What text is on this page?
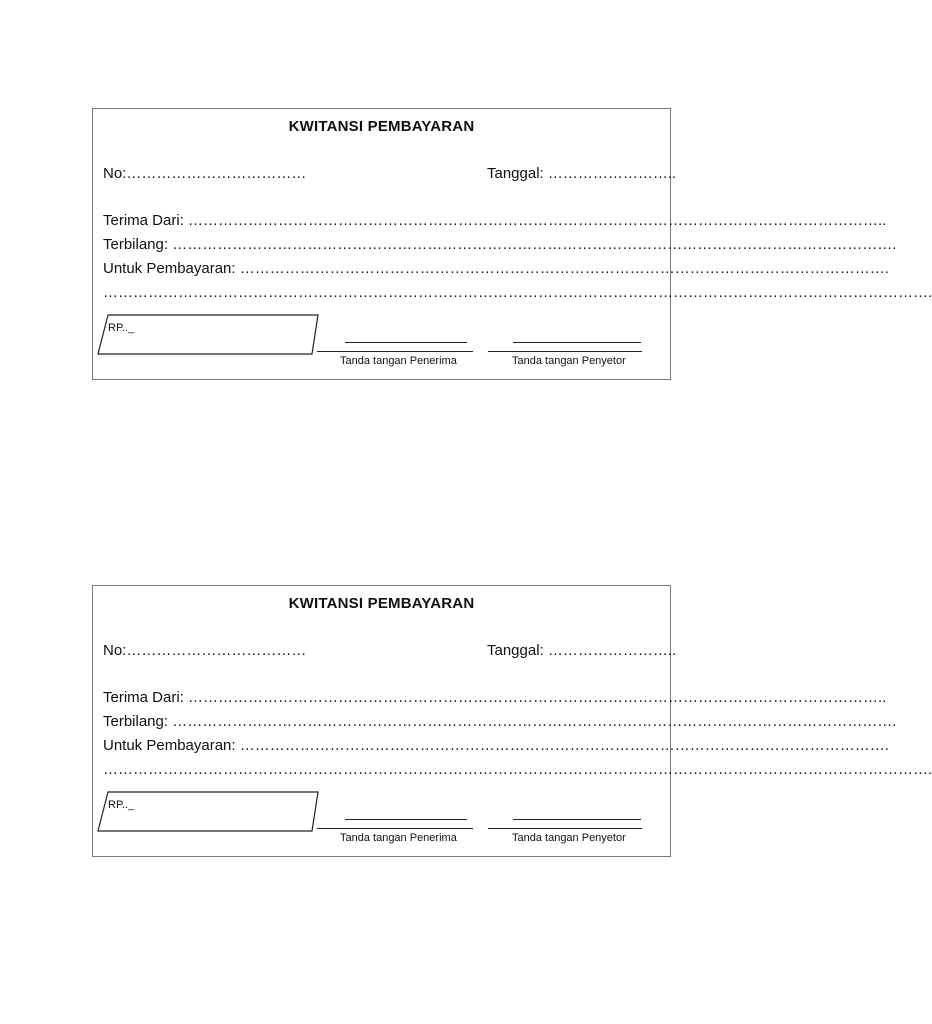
KWITANSI PEMBAYARAN
No:………………………………	Tanggal: ……………………..
Terima Dari: …………………………………………………………………………………………………………………………..
Terbilang: ……………………………………………………………………………………………………………………………….
Untuk Pembayaran: ………………………………………………………………………………………………………………….
………………………………………………………………………………………………………………………………………………….
RP.._
Tanda tangan Penerima	Tanda tangan Penyetor
KWITANSI PEMBAYARAN
No:………………………………	Tanggal: ……………………..
Terima Dari: …………………………………………………………………………………………………………………………..
Terbilang: ……………………………………………………………………………………………………………………………….
Untuk Pembayaran: ………………………………………………………………………………………………………………….
………………………………………………………………………………………………………………………………………………….
RP.._
Tanda tangan Penerima	Tanda tangan Penyetor
